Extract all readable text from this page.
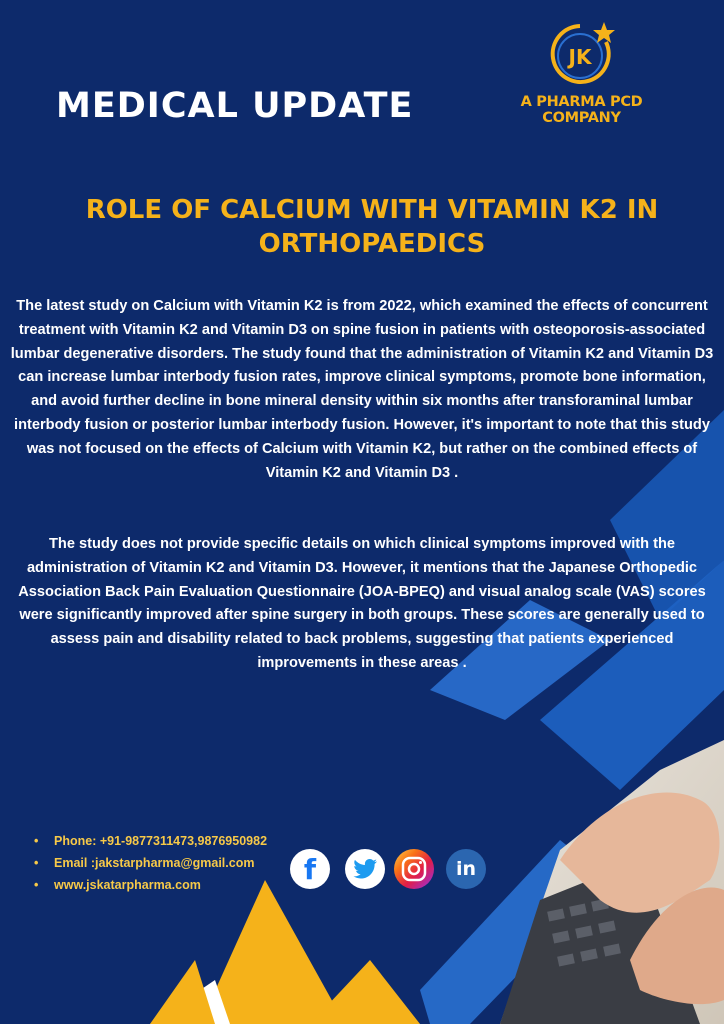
MEDICAL UPDATE
JK
A PHARMA PCD COMPANY
ROLE OF CALCIUM WITH VITAMIN K2 IN
ORTHOPAEDICS

The latest study on Calcium with Vitamin K2 is from 2022, which examined the effects of concurrent treatment with Vitamin K2 and Vitamin D3 on spine fusion in patients with osteoporosis-associated lumbar degenerative disorders. The study found that the administration of Vitamin K2 and Vitamin D3 can increase lumbar interbody fusion rates, improve clinical symptoms, promote bone information, and avoid further decline in bone mineral density within six months after transforaminal lumbar interbody fusion or posterior lumbar interbody fusion. However, it's important to note that this study was not focused on the effects of Calcium with Vitamin K2, but rather on the combined effects of Vitamin K2 and Vitamin D3 .

The study does not provide specific details on which clinical symptoms improved with the administration of Vitamin K2 and Vitamin D3. However, it mentions that the Japanese Orthopedic Association Back Pain Evaluation Questionnaire (JOA-BPEQ) and visual analog scale (VAS) scores were significantly improved after spine surgery in both groups. These scores are generally used to assess pain and disability related to back problems, suggesting that patients experienced improvements in these areas .

• Phone: +91-9877311473,9876950982
• Email :jakstarpharma@gmail.com
• www.jskatarpharma.com	f	in
